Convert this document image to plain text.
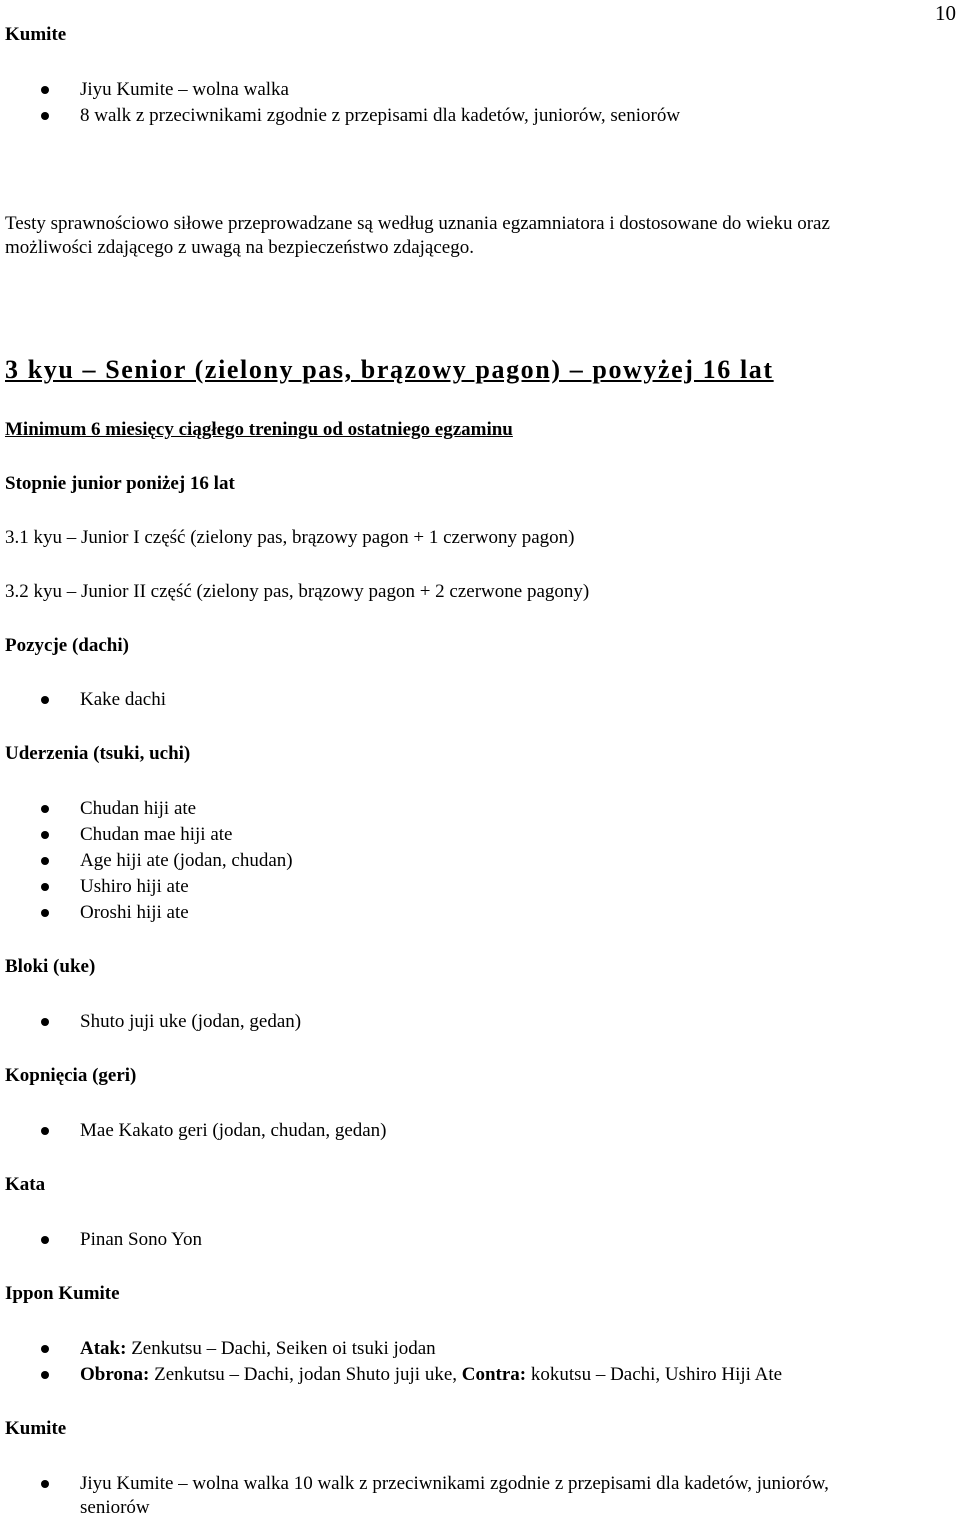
10
Kumite
Jiyu Kumite – wolna walka
8 walk z przeciwnikami zgodnie z przepisami dla kadetów, juniorów, seniorów
Testy sprawnościowo siłowe przeprowadzane są według uznania egzamniatora i dostosowane do wieku oraz
możliwości zdającego z uwagą na bezpieczeństwo zdającego.
3 kyu – Senior (zielony pas, brązowy pagon) – powyżej 16 lat
Minimum 6 miesięcy ciągłego treningu od ostatniego egzaminu
Stopnie junior poniżej 16 lat
3.1 kyu – Junior I część (zielony pas, brązowy pagon + 1 czerwony pagon)
3.2 kyu – Junior II część (zielony pas, brązowy pagon + 2 czerwone pagony)
Pozycje (dachi)
Kake dachi
Uderzenia (tsuki, uchi)
Chudan hiji ate
Chudan mae hiji ate
Age hiji ate (jodan, chudan)
Ushiro hiji ate
Oroshi hiji ate
Bloki (uke)
Shuto juji uke (jodan, gedan)
Kopnięcia (geri)
Mae Kakato geri (jodan, chudan, gedan)
Kata
Pinan Sono Yon
Ippon Kumite
Atak: Zenkutsu – Dachi, Seiken oi tsuki jodan
Obrona: Zenkutsu – Dachi, jodan Shuto juji uke, Contra: kokutsu – Dachi, Ushiro Hiji Ate
Kumite
Jiyu Kumite – wolna walka 10 walk z przeciwnikami zgodnie z przepisami dla kadetów, juniorów,
seniorów
